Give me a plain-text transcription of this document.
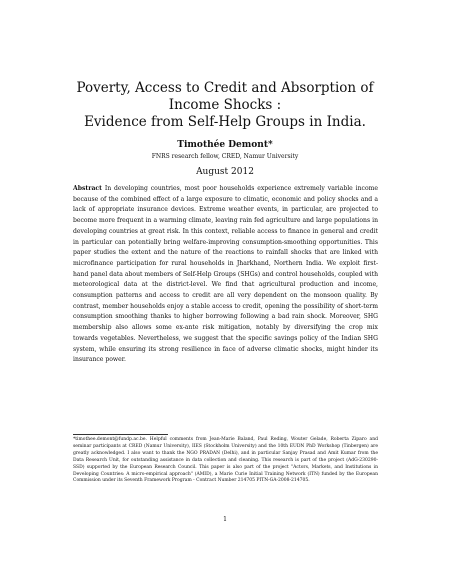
Poverty, Access to Credit and Absorption of
Income Shocks :
Evidence from Self-Help Groups in India.
Timothée Demont*
FNRS research fellow, CRED, Namur University
August 2012

Abstract In developing countries, most poor households experience extremely variable income because of the combined effect of a large exposure to climatic, economic and policy shocks and a lack of appropriate insurance devices. Extreme weather events, in particular, are projected to become more frequent in a warming climate, leaving rain fed agriculture and large populations in developing countries at great risk. In this context, reliable access to finance in general and credit in particular can potentially bring welfare-improving consumption-smoothing opportunities. This paper studies the extent and the nature of the reactions to rainfall shocks that are linked with microfinance participation for rural households in Jharkhand, Northern India. We exploit first-hand panel data about members of Self-Help Groups (SHGs) and control households, coupled with meteorological data at the district-level. We find that agricultural production and income, consumption patterns and access to credit are all very dependent on the monsoon quality. By contrast, member households enjoy a stable access to credit, opening the possibility of short-term consumption smoothing thanks to higher borrowing following a bad rain shock. Moreover, SHG membership also allows some ex-ante risk mitigation, notably by diversifying the crop mix towards vegetables. Nevertheless, we suggest that the specific savings policy of the Indian SHG system, while ensuring its strong resilience in face of adverse climatic shocks, might hinder its insurance power.

*timothee.demont@fundp.ac.be. Helpful comments from Jean-Marie Baland, Paul Reding, Wouter Gelade, Roberta Ziparo and seminar participants at CRED (Namur University), IIES (Stockholm University) and the 10th EUDN PhD Workshop (Tinbergen) are greatly acknowledged. I also want to thank the NGO PRADAN (Delhi), and in particular Sanjay Prasad and Amit Kumar from the Data Research Unit, for outstanding assistance in data collection and cleaning. This research is part of the project (AdG-230290-SSD) supported by the European Research Council. This paper is also part of the project "Actors, Markets, and Institutions in Developing Countries: A micro-empirical approach" (AMID), a Marie Curie Initial Training Network (ITN) funded by the European Commission under its Seventh Framework Program - Contract Number 214705 PITN-GA-2008-214705.

1
